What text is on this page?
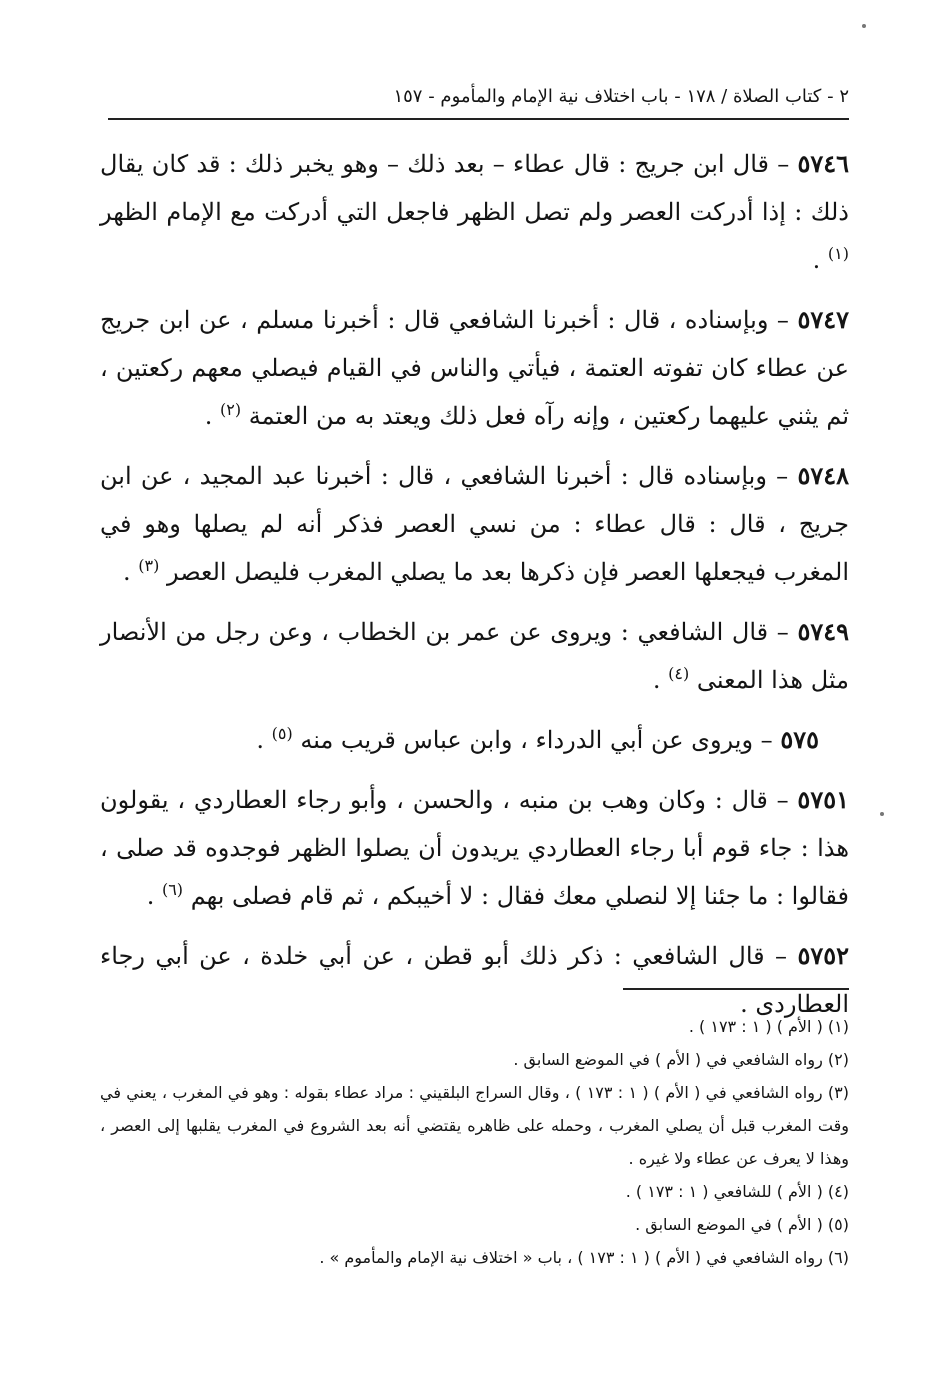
٢ - كتاب الصلاة / ١٧٨ - باب اختلاف نية الإمام والمأموم - ١٥٧

٥٧٤٦ – قال ابن جريج : قال عطاء – بعد ذلك – وهو يخبر ذلك : قد كان يقال ذلك : إذا أدركت العصر ولم تصل الظهر فاجعل التي أدركت مع الإمام الظهر $^{(١)}$ .

٥٧٤٧ – وبإسناده ، قال : أخبرنا الشافعي قال : أخبرنا مسلم ، عن ابن جريج عن عطاء كان تفوته العتمة ، فيأتي والناس في القيام فيصلي معهم ركعتين ، ثم يثني عليهما ركعتين ، وإنه رآه فعل ذلك ويعتد به من العتمة $^{(٢)}$ .

٥٧٤٨ – وبإسناده قال : أخبرنا الشافعي ، قال : أخبرنا عبد المجيد ، عن ابن جريج ، قال : قال عطاء : من نسي العصر فذكر أنه لم يصلها وهو في المغرب فيجعلها العصر فإن ذكرها بعد ما يصلي المغرب فليصل العصر $^{(٣)}$ .

٥٧٤٩ – قال الشافعي : ويروى عن عمر بن الخطاب ، وعن رجل من الأنصار مثل هذا المعنى $^{(٤)}$ .

٥٧٥ – ويروى عن أبي الدرداء ، وابن عباس قريب منه $^{(٥)}$ .

٥٧٥١ – قال : وكان وهب بن منبه ، والحسن ، وأبو رجاء العطاردي ، يقولون هذا : جاء قوم أبا رجاء العطاردي يريدون أن يصلوا الظهر فوجدوه قد صلى ، فقالوا : ما جئنا إلا لنصلي معك فقال : لا أخيبكم ، ثم قام فصلى بهم $^{(٦)}$ .

٥٧٥٢ – قال الشافعي : ذكر ذلك أبو قطن ، عن أبي خلدة ، عن أبي رجاء العطاردى .

(١) ( الأم ) ( ١ : ١٧٣ ) .

(٢) رواه الشافعي في ( الأم ) في الموضع السابق .

(٣) رواه الشافعي في ( الأم ) ( ١ : ١٧٣ ) ، وقال السراج البلقيني : مراد عطاء بقوله : وهو في المغرب ، يعني في وقت المغرب قبل أن يصلي المغرب ، وحمله على ظاهره يقتضي أنه بعد الشروع في المغرب يقلبها إلى العصر ، وهذا لا يعرف عن عطاء ولا غيره .

(٤) ( الأم ) للشافعي ( ١ : ١٧٣ ) .

(٥) ( الأم ) في الموضع السابق .

(٦) رواه الشافعي في ( الأم ) ( ١ : ١٧٣ ) ، باب « اختلاف نية الإمام والمأموم » .
